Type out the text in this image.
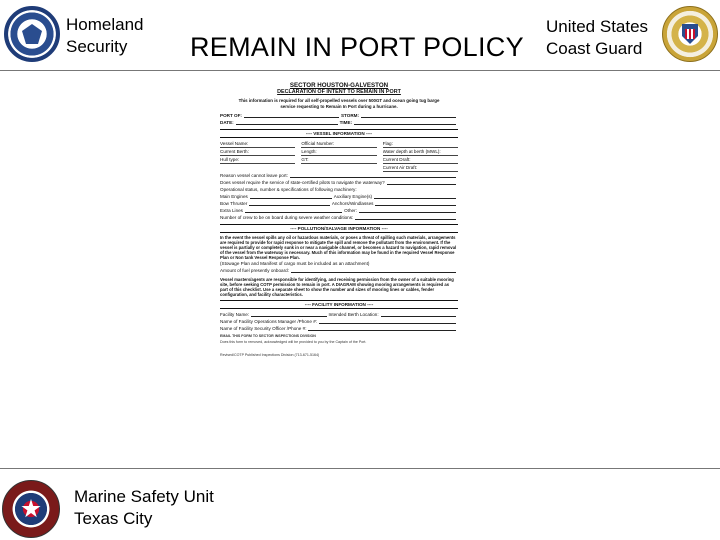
Homeland
Security	REMAIN IN PORT POLICY
United States
Coast Guard
SECTOR HOUSTON-GALVESTON
DECLARATION OF INTENT TO REMAIN IN PORT
This information is required for all self-propelled vessels over 500GT and ocean going tug barge service requesting to Remain In Port during a hurricane.
PORT OF:	STORM:
DATE:	TIME:
---- VESSEL INFORMATION ----
Vessel Name:	Official Number:	Flag:
Current Berth:	Length:	Water depth at berth (MWL):
Hull type:	GT:	Current Draft:
Current Air Draft:
Reason vessel cannot leave port:
Does vessel require the service of state-certified pilots to navigate the waterway?
Operational status, number & specifications of following machinery:
Main Engines	Auxiliary Engine(s)
Bow Thruster	Anchors/Windlasses
Extra Lines	Other:
Number of crew to be on board during severe weather conditions:
---- POLLUTION/SALVAGE INFORMATION ----
In the event the vessel spills any oil or hazardous materials, or poses a threat of spilling such materials, arrangements are required to provide for rapid response to mitigate the spill and remove the pollutant from the environment. If the vessel is partially or completely sunk in or near a navigable channel, or becomes a hazard to navigation, rapid removal of the vessel from the waterway is necessary. Much of this information may be found in the required Vessel Response Plan or Non tank Vessel Response Plan.
(Stowage Plan and Manifest of cargo must be included as an attachment)
Amount of fuel presently onboard:
Vessel masters/agents are responsible for identifying, and receiving permission from the owner of a suitable mooring site, before seeking COTP permission to remain in port. A DIAGRAM showing mooring arrangements is required as part of this checklist. Use a separate sheet to show the number and sizes of mooring lines or cables, fender configuration, and facility characteristics.
---- FACILITY INFORMATION ----
Facility Name:	Intended Berth Location:
Name of Facility Operations Manager /Phone #:
Name of Facility Security Officer /Phone #:
EMAIL THIS FORM TO SECTOR INSPECTIONS DIVISION
Does this form to removed, acknowledged will be provided to you by the Captain of the Port.
Revised/COTP Published Inspections Division (713-671-5164)
Marine Safety Unit
Texas City
